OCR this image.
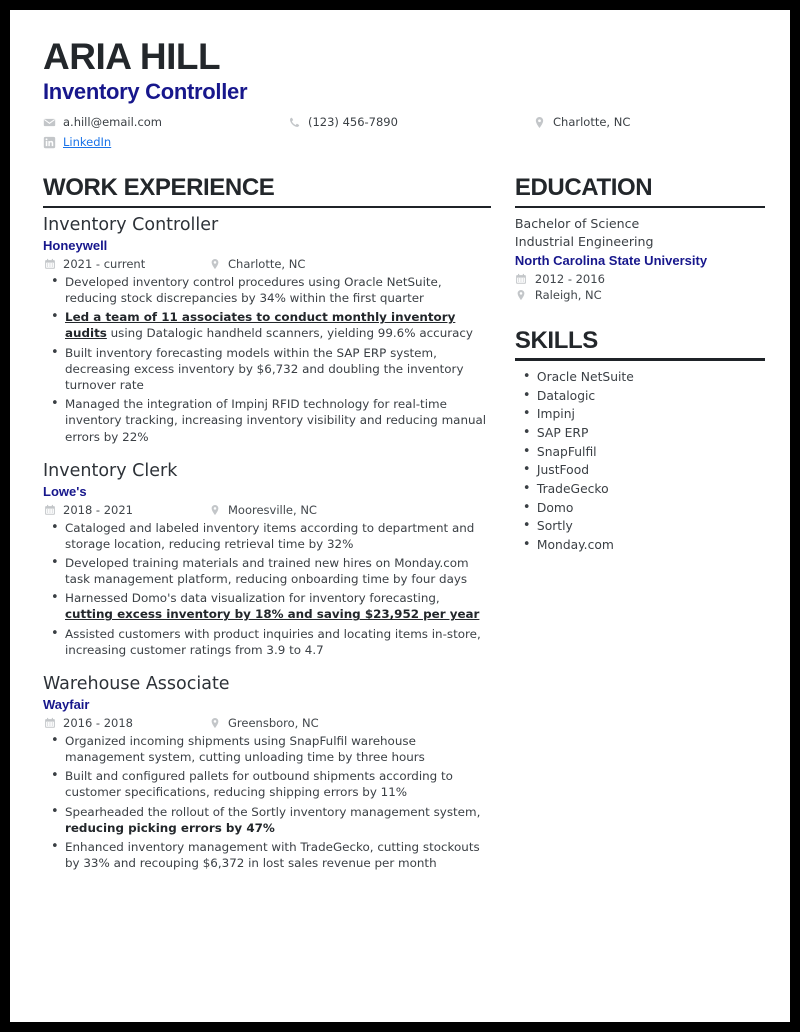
ARIA HILL
Inventory Controller
a.hill@email.com	(123) 456-7890	Charlotte, NC
LinkedIn
WORK EXPERIENCE
Inventory Controller
Honeywell
2021 - current	Charlotte, NC
• Developed inventory control procedures using Oracle NetSuite, reducing stock discrepancies by 34% within the first quarter
• Led a team of 11 associates to conduct monthly inventory audits using Datalogic handheld scanners, yielding 99.6% accuracy
• Built inventory forecasting models within the SAP ERP system, decreasing excess inventory by $6,732 and doubling the inventory turnover rate
• Managed the integration of Impinj RFID technology for real-time inventory tracking, increasing inventory visibility and reducing manual errors by 22%
Inventory Clerk
Lowe's
2018 - 2021	Mooresville, NC
• Cataloged and labeled inventory items according to department and storage location, reducing retrieval time by 32%
• Developed training materials and trained new hires on Monday.com task management platform, reducing onboarding time by four days
• Harnessed Domo's data visualization for inventory forecasting, cutting excess inventory by 18% and saving $23,952 per year
• Assisted customers with product inquiries and locating items in-store, increasing customer ratings from 3.9 to 4.7
Warehouse Associate
Wayfair
2016 - 2018	Greensboro, NC
• Organized incoming shipments using SnapFulfil warehouse management system, cutting unloading time by three hours
• Built and configured pallets for outbound shipments according to customer specifications, reducing shipping errors by 11%
• Spearheaded the rollout of the Sortly inventory management system, reducing picking errors by 47%
• Enhanced inventory management with TradeGecko, cutting stockouts by 33% and recouping $6,372 in lost sales revenue per month
EDUCATION
Bachelor of Science
Industrial Engineering
North Carolina State University
2012 - 2016
Raleigh, NC
SKILLS
• Oracle NetSuite
• Datalogic
• Impinj
• SAP ERP
• SnapFulfil
• JustFood
• TradeGecko
• Domo
• Sortly
• Monday.com
